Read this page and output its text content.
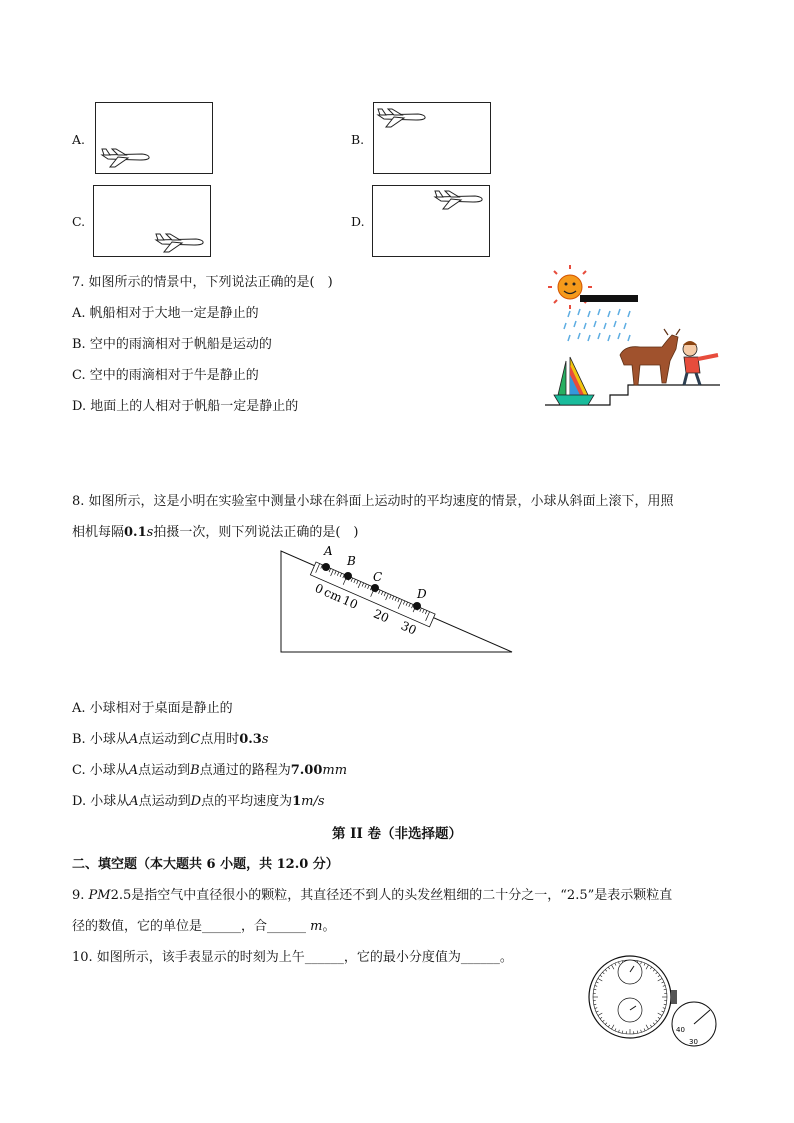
A.	B.
C.	D.
7. 如图所示的情景中，下列说法正确的是(　)
A. 帆船相对于大地一定是静止的
B. 空中的雨滴相对于帆船是运动的
C. 空中的雨滴相对于牛是静止的
D. 地面上的人相对于帆船一定是静止的
8. 如图所示，这是小明在实验室中测量小球在斜面上运动时的平均速度的情景，小球从斜面上滚下，用照
相机每隔0.1s拍摄一次，则下列说法正确的是(　)
A
B
C
D
0
cm
10
20
30
A. 小球相对于桌面是静止的
B. 小球从A点运动到C点用时0.3s
C. 小球从A点运动到B点通过的路程为7.00mm
D. 小球从A点运动到D点的平均速度为1m/s
第 II 卷（非选择题）
二、填空题（本大题共 6 小题，共 12.0 分）
9. PM2.5是指空气中直径很小的颗粒，其直径还不到人的头发丝粗细的二十分之一，“2.5”是表示颗粒直
径的数值，它的单位是______，合______ m。
10. 如图所示，该手表显示的时刻为上午______，它的最小分度值为______。
40
30
